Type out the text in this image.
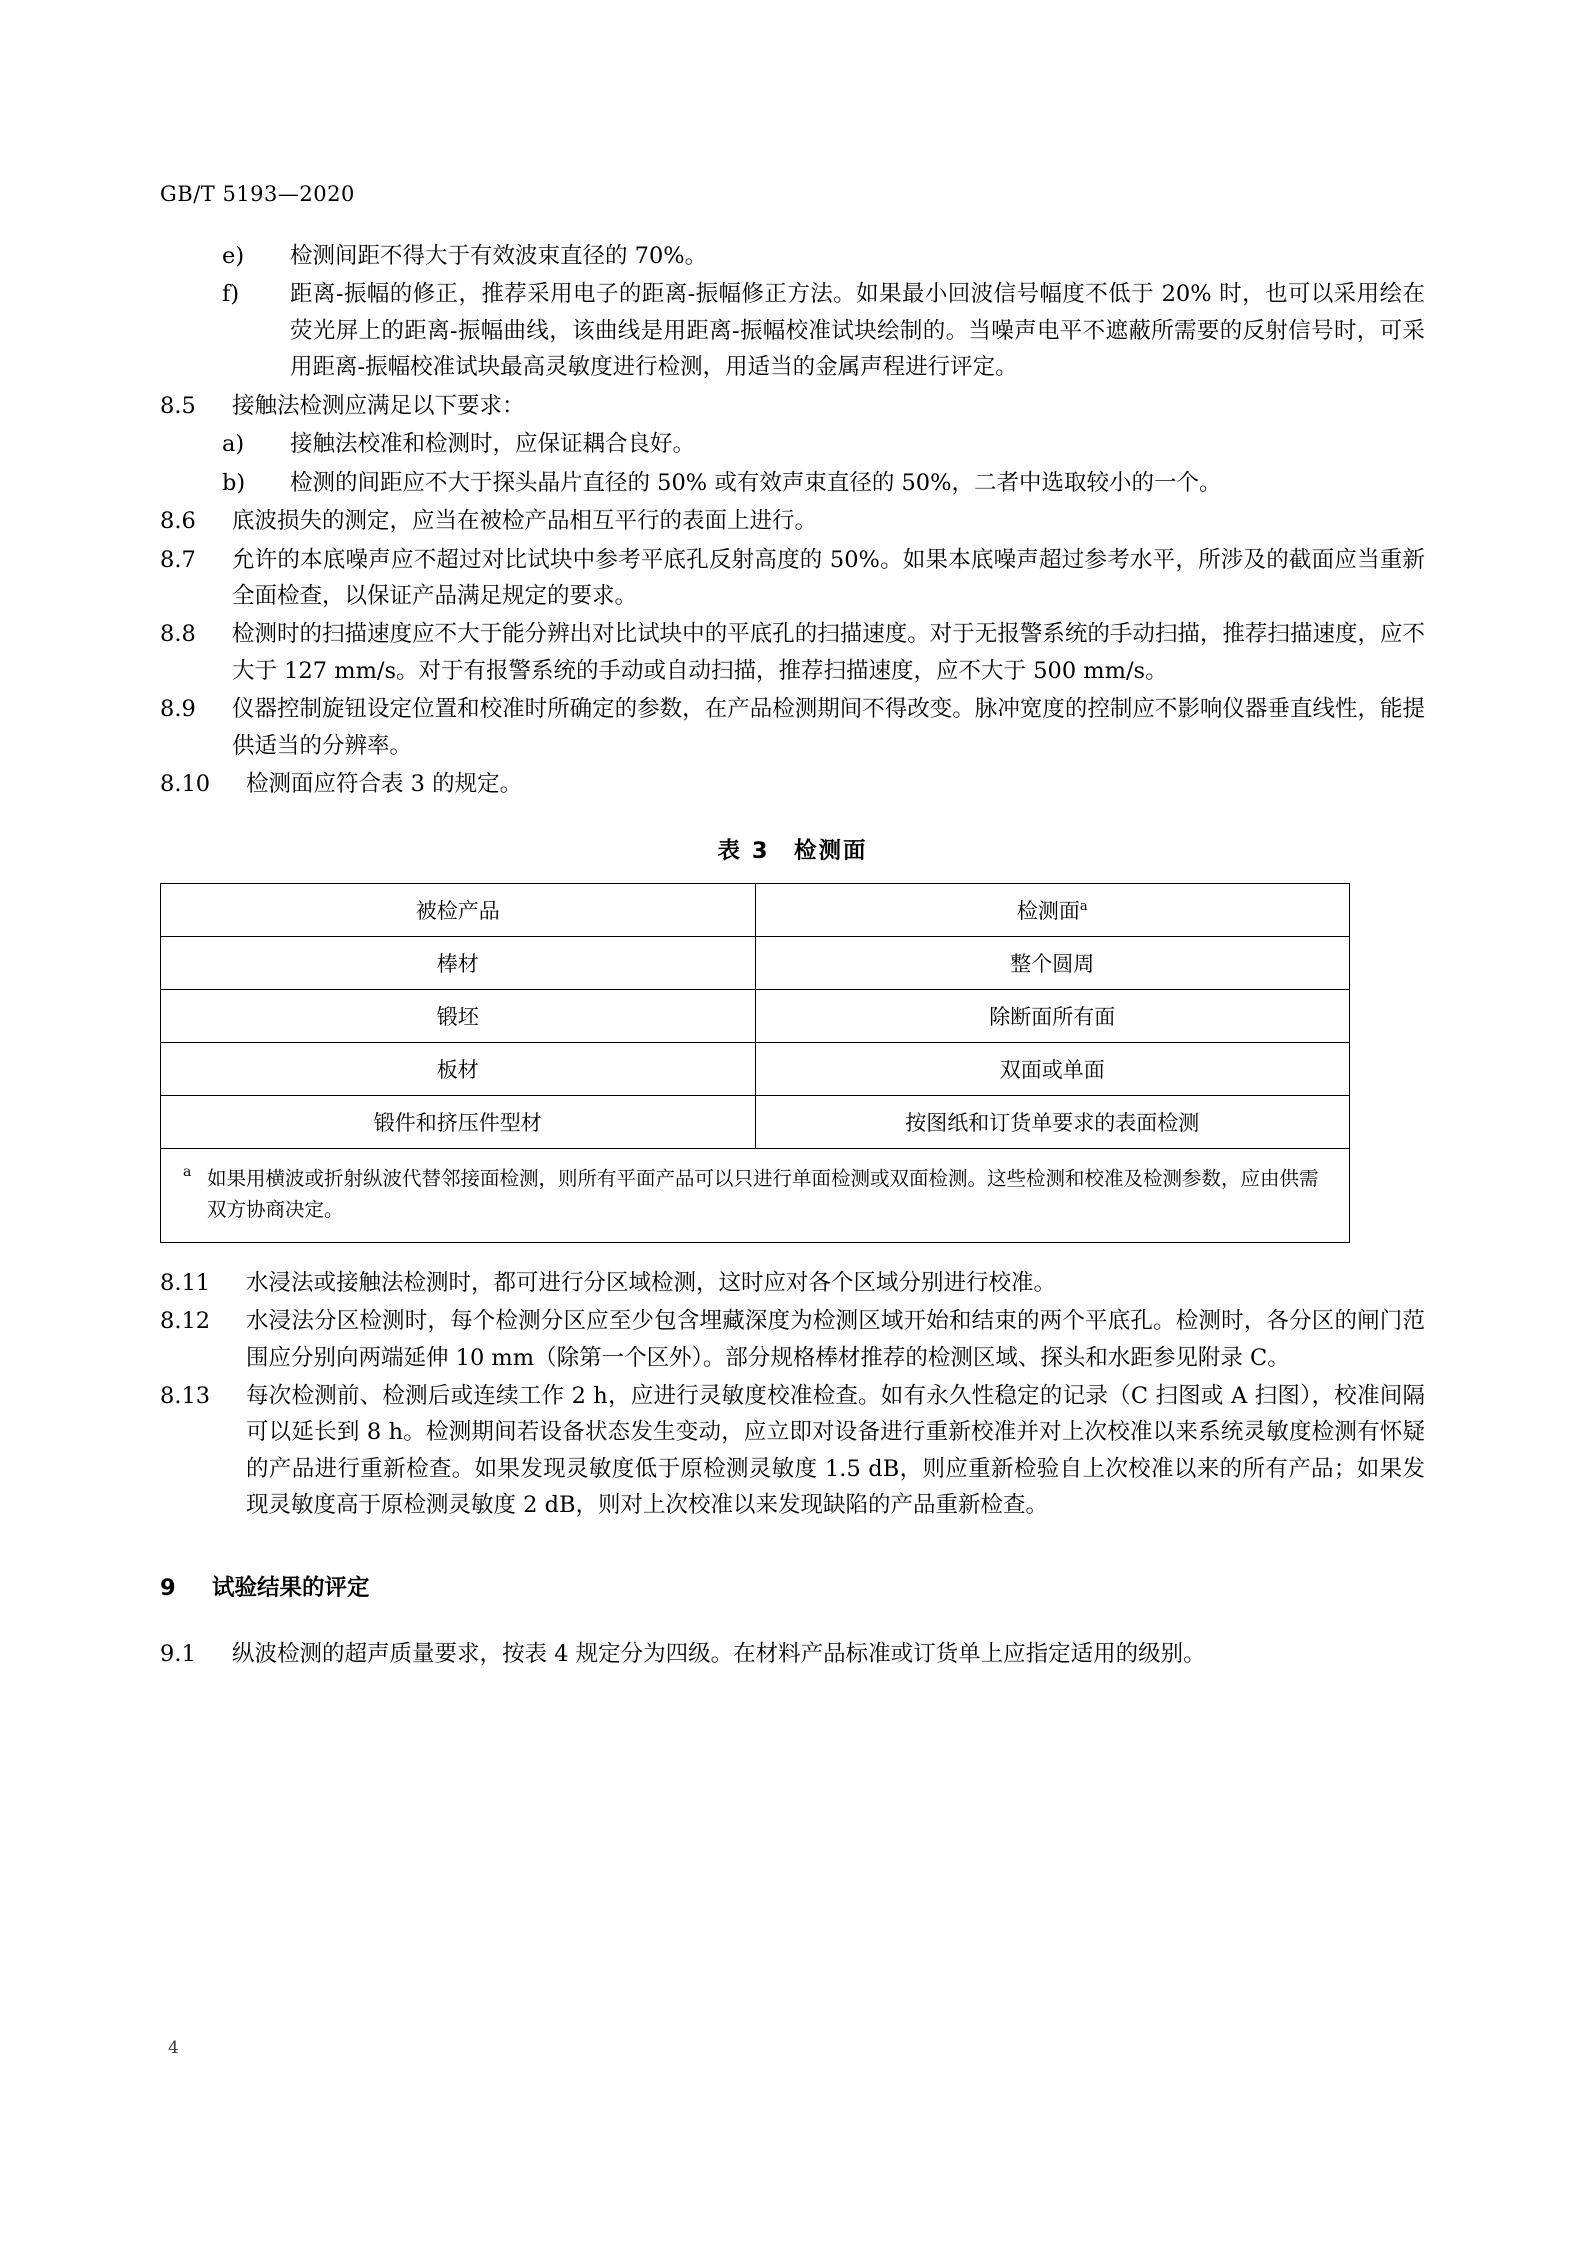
GB/T 5193—2020

e)	检测间距不得大于有效波束直径的 70%。

f)	距离-振幅的修正，推荐采用电子的距离-振幅修正方法。如果最小回波信号幅度不低于 20% 时，也可以采用绘在荧光屏上的距离-振幅曲线，该曲线是用距离-振幅校准试块绘制的。当噪声电平不遮蔽所需要的反射信号时，可采用距离-振幅校准试块最高灵敏度进行检测，用适当的金属声程进行评定。

8.5	接触法检测应满足以下要求：

a)	接触法校准和检测时，应保证耦合良好。

b)	检测的间距应不大于探头晶片直径的 50% 或有效声束直径的 50%，二者中选取较小的一个。

8.6	底波损失的测定，应当在被检产品相互平行的表面上进行。

8.7	允许的本底噪声应不超过对比试块中参考平底孔反射高度的 50%。如果本底噪声超过参考水平，所涉及的截面应当重新全面检查，以保证产品满足规定的要求。

8.8	检测时的扫描速度应不大于能分辨出对比试块中的平底孔的扫描速度。对于无报警系统的手动扫描，推荐扫描速度，应不大于 127 mm/s。对于有报警系统的手动或自动扫描，推荐扫描速度，应不大于 500 mm/s。

8.9	仪器控制旋钮设定位置和校准时所确定的参数，在产品检测期间不得改变。脉冲宽度的控制应不影响仪器垂直线性，能提供适当的分辨率。

8.10	检测面应符合表 3 的规定。

表 3　检测面
被检产品	检测面$^a$
棒材	整个圆周
锻坯	除断面所有面
板材	双面或单面
锻件和挤压件型材	按图纸和订货单要求的表面检测

a 如果用横波或折射纵波代替邻接面检测，则所有平面产品可以只进行单面检测或双面检测。这些检测和校准及检测参数，应由供需双方协商决定。	

8.11	水浸法或接触法检测时，都可进行分区域检测，这时应对各个区域分别进行校准。

8.12	水浸法分区检测时，每个检测分区应至少包含埋藏深度为检测区域开始和结束的两个平底孔。检测时，各分区的闸门范围应分别向两端延伸 10 mm（除第一个区外）。部分规格棒材推荐的检测区域、探头和水距参见附录 C。

8.13	每次检测前、检测后或连续工作 2 h，应进行灵敏度校准检查。如有永久性稳定的记录（C 扫图或 A 扫图），校准间隔可以延长到 8 h。检测期间若设备状态发生变动，应立即对设备进行重新校准并对上次校准以来系统灵敏度检测有怀疑的产品进行重新检查。如果发现灵敏度低于原检测灵敏度 1.5 dB，则应重新检验自上次校准以来的所有产品；如果发现灵敏度高于原检测灵敏度 2 dB，则对上次校准以来发现缺陷的产品重新检查。

9 试验结果的评定

9.1	纵波检测的超声质量要求，按表 4 规定分为四级。在材料产品标准或订货单上应指定适用的级别。

4
